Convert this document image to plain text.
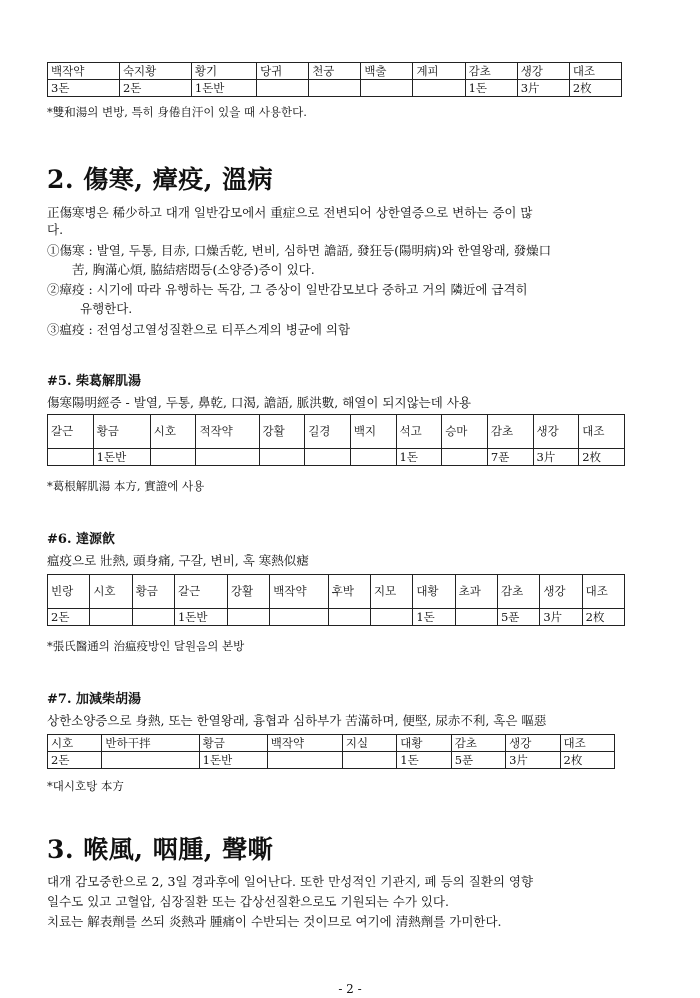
백작약	숙지황	황기	당귀	천궁	백출	계피	감초	생강	대조
3돈	2돈	1돈반					1돈	3片	2枚
*雙和湯의 변방, 특히 身倦自汗이 있을 때 사용한다.
2. 傷寒, 瘴疫, 溫病
正傷寒병은 稀少하고 대개 일반감모에서 重症으로 전변되어 상한열증으로 변하는 증이 많
다.
①傷寒 : 발열, 두통, 目赤, 口燥舌乾, 변비, 심하면 譫語, 發狂등(陽明病)와 한열왕래, 發燥口
苦, 胸滿心煩, 脇結痞悶등(소양증)증이 있다.
②瘴疫 : 시기에 따라 유행하는 독감, 그 증상이 일반감모보다 중하고 거의 隣近에 급격히
유행한다.
③瘟疫 : 전염성고열성질환으로 티푸스계의 병균에 의함
#5. 柴葛解肌湯
傷寒陽明經증 - 발열, 두통, 鼻乾, 口渴, 譫語, 脈洪數, 해열이 되지않는데 사용
갈근	황금	시호	적작약	강활	길경	백지	석고	승마	감초	생강	대조
	1돈반						1돈		7푼	3片	2枚
*葛根解肌湯 本方, 實證에 사용
#6. 達源飮
瘟疫으로 壯熱, 頭身痛, 구갈, 변비, 혹 寒熱似瘧
빈랑	시호	황금	갈근	강활	백작약	후박	지모	대황	초과	감초	생강	대조
2돈			1돈반					1돈		5푼	3片	2枚
*張氏醫通의 治瘟疫방인 달원음의 본방
#7. 加減柴胡湯
상한소양증으로 身熱, 또는 한열왕래, 흉협과 심하부가 苦滿하며, 便堅, 尿赤不利, 혹은 嘔惡
시호	반하干拌	황금	백작약	지실	대황	감초	생강	대조
2돈		1돈반			1돈	5푼	3片	2枚
*대시호탕 本方
3. 喉風, 咽腫, 聲嘶
대개 감모중한으로 2, 3일 경과후에 일어난다. 또한 만성적인 기관지, 폐 등의 질환의 영향
일수도 있고 고혈압, 심장질환 또는 갑상선질환으로도 기원되는 수가 있다.
치료는 解表劑를 쓰되 炎熱과 腫痛이 수반되는 것이므로 여기에 清熱劑를 가미한다.
- 2 -
